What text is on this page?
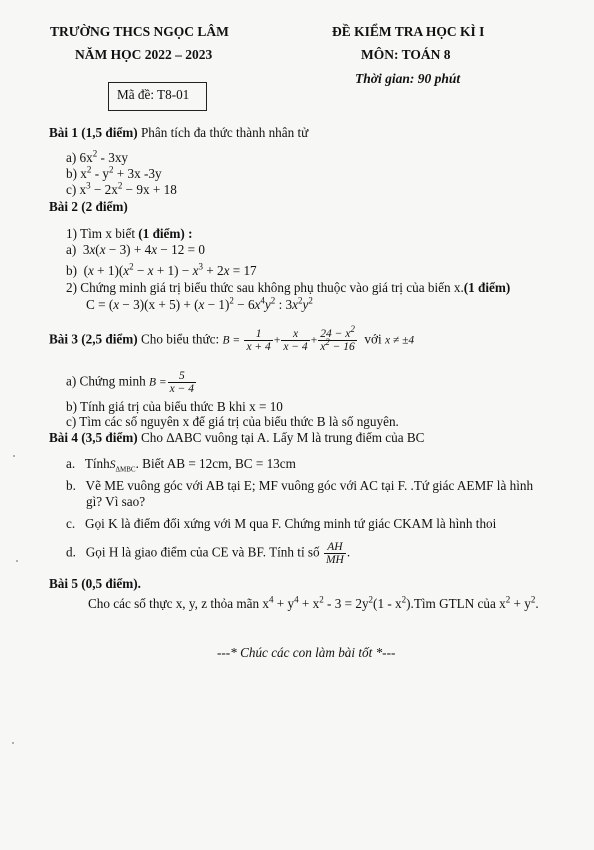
TRƯỜNG THCS NGỌC LÂM
NĂM HỌC 2022 – 2023
ĐỀ KIỂM TRA HỌC KÌ I
MÔN: TOÁN 8
Thời gian: 90 phút
Mã đề: T8-01
Bài 1 (1,5 điểm) Phân tích đa thức thành nhân tử
a) $6x^2 - 3xy$
b) $x^2 - y^2 + 3x$ -3y
c) $x^3 - 2x^2 - 9x + 18$
Bài 2 (2 điểm)
1) Tìm x biết (1 điểm) :
a)  3x(x − 3) + 4x − 12 = 0
b)  $(x + 1)(x^2 - x + 1) - x^3 + 2x = 17$
2) Chứng minh giá trị biểu thức sau không phụ thuộc vào giá trị của biến x.(1 điểm)
$C = (x - 3)(x + 5) + (x - 1)^2 - 6x^4y^2$ : $3x^2y^2$
Bài 3 (2,5 điểm) Cho biểu thức: $B = \frac{1}{x + 4} + \frac{x}{x - 4} + \frac{24 - x^2}{x^2 - 16}$ với x ≠ ±4
a) Chứng minh $B = \frac{5}{x - 4}$
b) Tính giá trị của biểu thức B khi x = 10
c) Tìm các số nguyên x để giá trị của biểu thức B là số nguyên.
Bài 4 (3,5 điểm) Cho ∆ABC vuông tại A. Lấy M là trung điểm của BC
a. TínhS$_{\Delta MBC}$. Biết AB = 12cm, BC = 13cm
b. Vẽ ME vuông góc với AB tại E; MF vuông góc với AC tại F. .Tứ giác AEMF là hình
gì? Vì sao?
c. Gọi K là điểm đối xứng với M qua F. Chứng minh tứ giác CKAM là hình thoi
d. Gọi H là giao điểm của CE và BF. Tính tỉ số $\frac{AH}{MH}$ .
Bài 5 (0,5 điểm).
Cho các số thực x, y, z thỏa mãn $x^4 + y^4 + x^2 - 3 = 2y^2(1$ - $x^2).Tìm$ GTLN của $x^2 + y^2$.
---* Chúc các con làm bài tốt *---
